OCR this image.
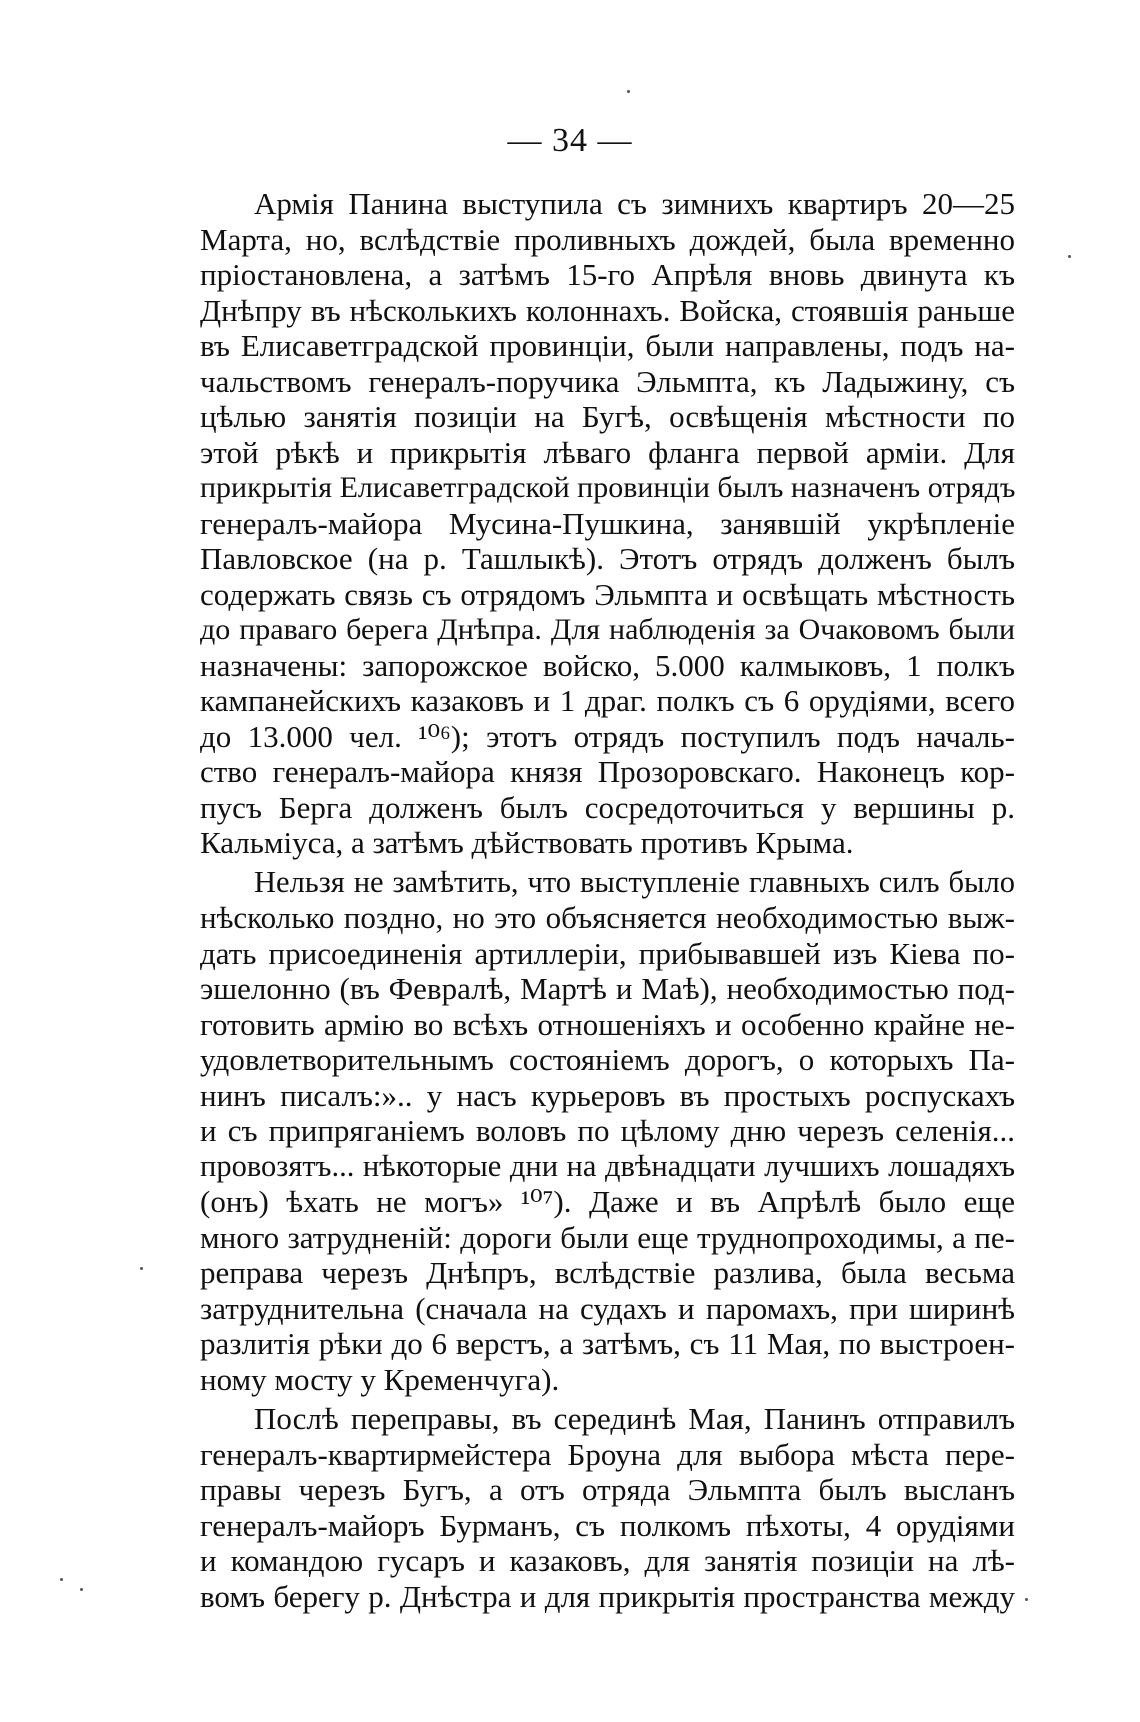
— 34 —
Армія Панина выступила съ зимнихъ квартиръ 20—25
Марта, но, вслѣдствіе проливныхъ дождей, была временно
пріостановлена, а затѣмъ 15-го Апрѣля вновь двинута къ
Днѣпру въ нѣсколькихъ колоннахъ. Войска, стоявшія раньше
въ Елисаветградской провинціи, были направлены, подъ на-
чальствомъ генералъ-поручика Эльмпта, къ Ладыжину, съ
цѣлью занятія позиціи на Бугѣ, освѣщенія мѣстности по
этой рѣкѣ и прикрытія лѣваго фланга первой арміи. Для
прикрытія Елисаветградской провинціи былъ назначенъ отрядъ
генералъ-майора Мусина-Пушкина, занявшій укрѣпленіе
Павловское (на р. Ташлыкѣ). Этотъ отрядъ долженъ былъ
содержать связь съ отрядомъ Эльмпта и освѣщать мѣстность
до праваго берега Днѣпра. Для наблюденія за Очаковомъ были
назначены: запорожское войско, 5.000 калмыковъ, 1 полкъ
кампанейскихъ казаковъ и 1 драг. полкъ съ 6 орудіями, всего
до 13.000 чел. ¹⁰⁶); этотъ отрядъ поступилъ подъ началь-
ство генералъ-майора князя Прозоровскаго. Наконецъ кор-
пусъ Берга долженъ былъ сосредоточиться у вершины р.
Кальміуса, а затѣмъ дѣйствовать противъ Крыма.
Нельзя не замѣтить, что выступленіе главныхъ силъ было
нѣсколько поздно, но это объясняется необходимостью выж-
дать присоединенія артиллеріи, прибывавшей изъ Кіева по-
эшелонно (въ Февралѣ, Мартѣ и Маѣ), необходимостью под-
готовить армію во всѣхъ отношеніяхъ и особенно крайне не-
удовлетворительнымъ состояніемъ дорогъ, о которыхъ Па-
нинъ писалъ:».. у насъ курьеровъ въ простыхъ роспускахъ
и съ припряганіемъ воловъ по цѣлому дню черезъ селенія...
провозятъ... нѣкоторые дни на двѣнадцати лучшихъ лошадяхъ
(онъ) ѣхать не могъ» ¹⁰⁷). Даже и въ Апрѣлѣ было еще
много затрудненій: дороги были еще труднопроходимы, а пе-
реправа черезъ Днѣпръ, вслѣдствіе разлива, была весьма
затруднительна (сначала на судахъ и паромахъ, при ширинѣ
разлитія рѣки до 6 верстъ, а затѣмъ, съ 11 Мая, по выстроен-
ному мосту у Кременчуга).
Послѣ переправы, въ серединѣ Мая, Панинъ отправилъ
генералъ-квартирмейстера Броуна для выбора мѣста пере-
правы черезъ Бугъ, а отъ отряда Эльмпта былъ высланъ
генералъ-майоръ Бурманъ, съ полкомъ пѣхоты, 4 орудіями
и командою гусаръ и казаковъ, для занятія позиціи на лѣ-
вомъ берегу р. Днѣстра и для прикрытія пространства между
